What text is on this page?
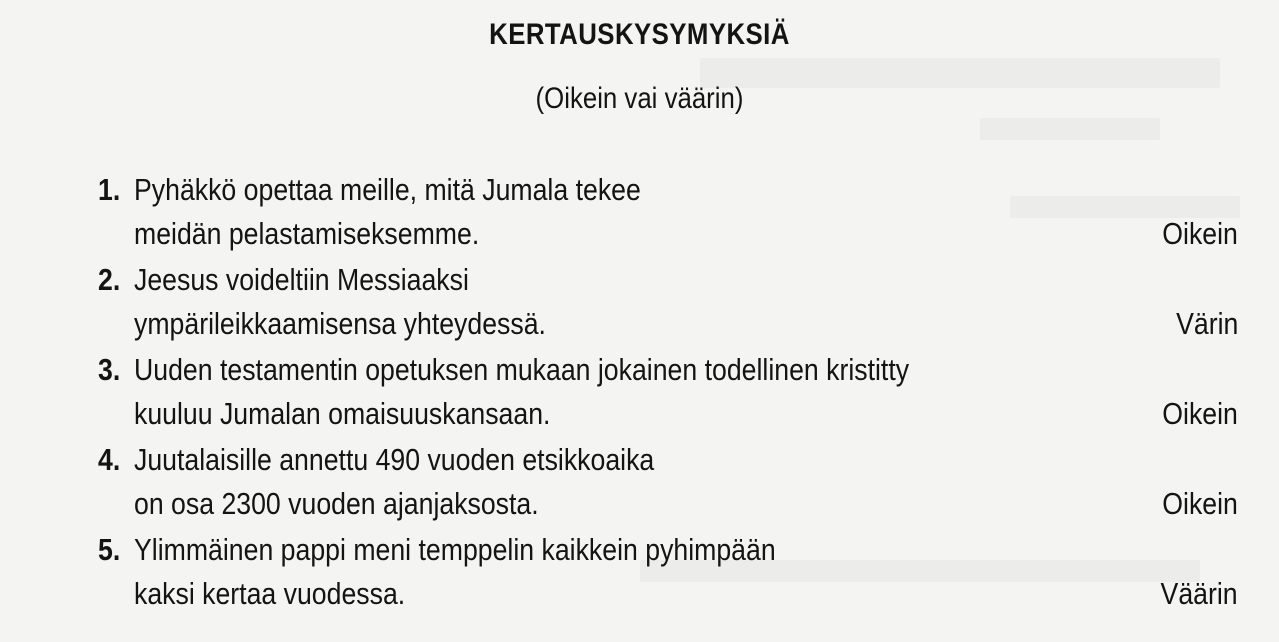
KERTAUSKYSYMYKSIÄ
(Oikein vai väärin)
1. Pyhäkkö opettaa meille, mitä Jumala tekee
meidän pelastamiseksemme.	Oikein
2. Jeesus voideltiin Messiaaksi
ympärileikkaamisensa yhteydessä.	Värin
3. Uuden testamentin opetuksen mukaan jokainen todellinen kristitty
kuuluu Jumalan omaisuuskansaan.	Oikein
4. Juutalaisille annettu 490 vuoden etsikkoaika
on osa 2300 vuoden ajanjaksosta.	Oikein
5. Ylimmäinen pappi meni temppelin kaikkein pyhimpään
kaksi kertaa vuodessa.	Väärin
